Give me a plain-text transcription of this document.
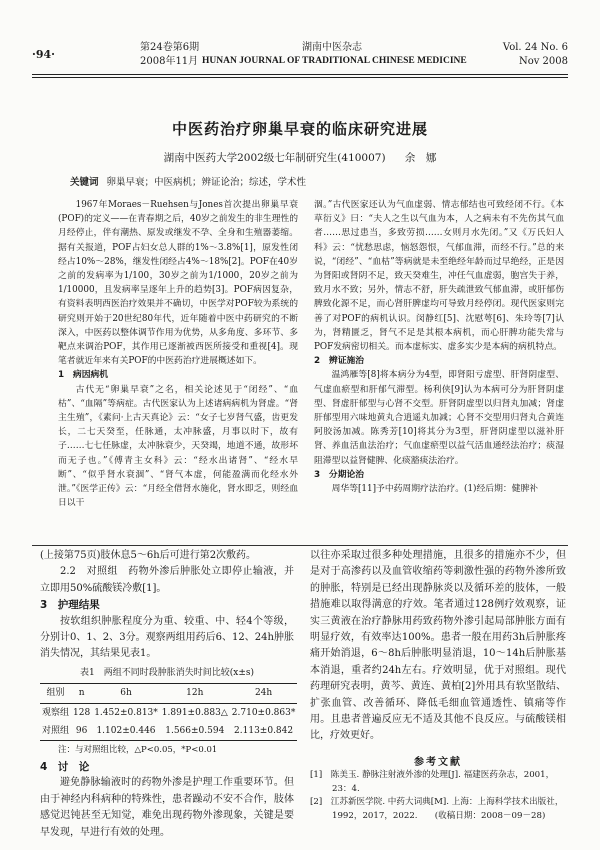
·94·
第24卷第6期	湖南中医杂志	Vol. 24 No. 6
2008年11月 HUNAN JOURNAL OF TRADITIONAL CHINESE MEDICINE	Nov 2008
中医药治疗卵巢早衰的临床研究进展
湖南中医药大学2002级七年制研究生(410007) 余　娜
关键词 卵巢早衰；中医病机；辨证论治；综述，学术性

1967年Moraes－Ruehsen与Jones首次提出卵巢早衰(POF)的定义——在青春期之后，40岁之前发生的非生理性的月经停止，伴有潮热、原发或继发不孕、全身和生殖器萎缩。据有关报道，POF占妇女总人群的1%～3.8%[1]，原发性闭经占10%～28%，继发性闭经占4%～18%[2]。POF在40岁之前的发病率为1/100，30岁之前为1/1000，20岁之前为1/10000，且发病率呈逐年上升的趋势[3]。POF病因复杂，有资料表明西医治疗效果并不确切，中医学对POF较为系统的研究则开始于20世纪80年代，近年随着中医中药研究的不断深入，中医药以整体调节作用为优势，从多角度、多环节、多靶点来调治POF，其作用已逐渐被西医所接受和重视[4]。现笔者就近年来有关POF的中医药治疗进展概述如下。

1　病因病机

古代无“卵巢早衰”之名，相关论述见于“闭经”、“血枯”、“血隔”等病症。古代医家认为上述诸病病机为肾虚。“肾主生殖”，《素问·上古天真论》云：“女子七岁肾气盛，齿更发长，二七天癸至，任脉通，太冲脉盛，月事以时下，故有子……七七任脉虚，太冲脉衰少，天癸竭，地道不通，故形坏而无子也。”《傅青主女科》云：“经水出诸肾”、“经水早断”、“似乎肾水衰涸”、“肾气本虚，何能盈满而化经水外泄。”《医学正传》云：“月经全借肾水施化，肾水即乏，则经血日以干

涸。”古代医家还认为气血虚弱、情志郁结也可致经闭不行。《本草衍义》曰：“夫人之生以气血为本，人之病未有不先伤其气血者……思过患当，多致劳损……女则月水先闭。”又《万氏妇人科》云：“忧愁思虑，恼怒怨恨，气郁血滞，而经不行。”总的来说，“闭经”、“血枯”等病就是未至绝经年龄而过早绝经，正是因为肾阳或肾阴不足，致天癸难生，冲任气血虚弱，胞宫失于养，致月水不致；另外，情志不舒，肝失疏泄致气郁血滞，或肝郁伤脾致化源不足，而心肾肝脾虚均可导致月经停闭。现代医家则完善了对POF的病机认识。闵静红[5]、沈慰萼[6]、朱玲等[7]认为，肾精匮乏，肾气不足是其根本病机，而心肝脾功能失常与POF发病密切相关。而本虚标实、虚多实少是本病的病机特点。

2　辨证施治

温鸿雁等[8]将本病分为4型，即肾阳亏虚型、肝肾阴虚型、气虚血瘀型和肝郁气滞型。杨利侠[9]认为本病可分为肝肾阴虚型、肾虚肝郁型与心肾不交型。肝肾阴虚型以归肾丸加减；肾虚肝郁型用六味地黄丸合逍遥丸加减；心肾不交型用归肾丸合黄连阿胶汤加减。陈秀芳[10]将其分为3型，肝肾阴虚型以滋补肝肾、养血活血法治疗；气血虚瘀型以益气活血通经法治疗；痰湿阻滞型以益肾健脾、化痰豁痰法治疗。

3　分期论治

周华等[11]予中药周期疗法治疗。(1)经后期：健脾补

(上接第75页)肢休息5～6h后可进行第2次敷药。

2.2　对照组　药物外渗后肿胀处立即停止输液，并立即用50%硫酸镁冷敷[1]。

3　护理结果

按软组织肿胀程度分为重、较重、中、轻4个等级，分别计0、1、2、3分。观察两组用药后6、12、24h肿胀消失情况，其结果见表1。

表1　两组不同时段肿胀消失时间比较(x±s)
组别	n	6h	12h	24h
观察组	128	1.452±0.813*	1.891±0.883△	2.710±0.863*
对照组	96	1.102±0.446	1.566±0.594	2.113±0.842

注：与对照组比较，△P<0.05，*P<0.01

4　讨　论

避免静脉输液时的药物外渗是护理工作重要环节。但由于神经内科病种的特殊性，患者躁动不安不合作，肢体感觉迟钝甚至无知觉，难免出现药物外渗现象，关键是要早发现，早进行有效的处理。

以往亦采取过很多种处理措施，且很多的措施亦不少，但是对于高渗药以及血管收缩药等刺激性强的药物外渗所致的肿胀，特别是已经出现静脉炎以及循环差的肢体，一般措施难以取得满意的疗效。笔者通过128例疗效观察，证实三黄液在治疗静脉用药致药物外渗引起局部肿胀方面有明显疗效，有效率达100%。患者一般在用药3h后肿胀疼痛开始消退，6～8h后肿胀明显消退，10～14h后肿胀基本消退，重者约24h左右。疗效明显，优于对照组。现代药理研究表明，黄芩、黄连、黄柏[2]外用具有软坚散结、扩张血管、改善循环、降低毛细血管通透性、镇痛等作用。且患者普遍反应无不适及其他不良反应。与硫酸镁相比，疗效更好。

参考文献
[1]　陈美玉. 静脉注射液外渗的处理[J]. 福建医药杂志，2001，23：4.
[2]　江苏新医学院. 中药大词典[M]. 上海：上海科学技术出版社，1992，2017，2022.　　(收稿日期：2008－09－28)
